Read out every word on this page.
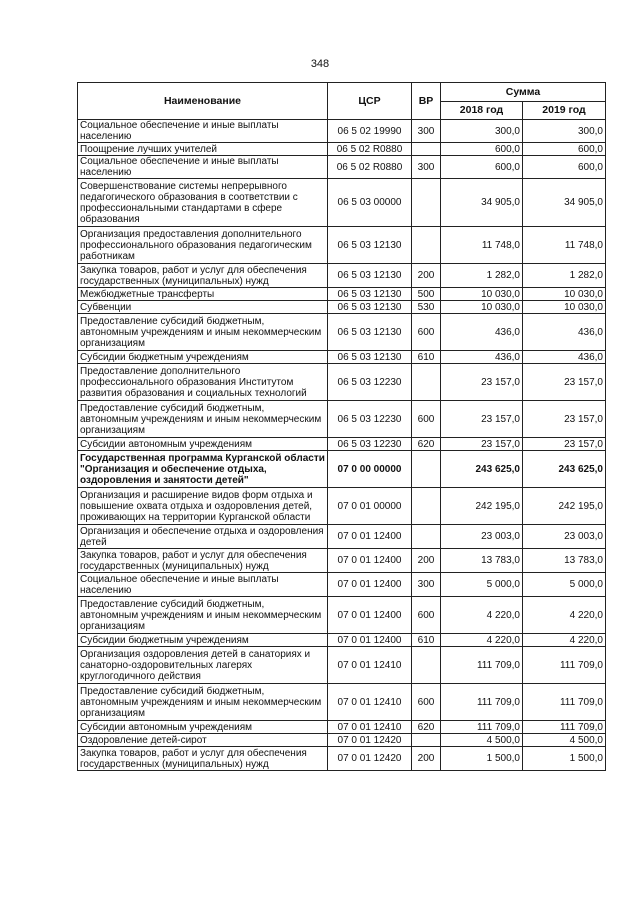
348
Наименование	ЦСР	ВР	Сумма	
			2018 год	2019 год
Социальное обеспечение и иные выплаты населению	06 5 02 19990	300	300,0	300,0
Поощрение лучших учителей	06 5 02 R0880		600,0	600,0
Социальное обеспечение и иные выплаты населению	06 5 02 R0880	300	600,0	600,0
Совершенствование системы непрерывного педагогического образования в соответствии с профессиональными стандартами в сфере образования	06 5 03 00000		34 905,0	34 905,0
Организация предоставления дополнительного профессионального образования педагогическим работникам	06 5 03 12130		11 748,0	11 748,0
Закупка товаров, работ и услуг для обеспечения государственных (муниципальных) нужд	06 5 03 12130	200	1 282,0	1 282,0
Межбюджетные трансферты	06 5 03 12130	500	10 030,0	10 030,0
Субвенции	06 5 03 12130	530	10 030,0	10 030,0
Предоставление субсидий бюджетным, автономным учреждениям и иным некоммерческим организациям	06 5 03 12130	600	436,0	436,0
Субсидии бюджетным учреждениям	06 5 03 12130	610	436,0	436,0
Предоставление дополнительного профессионального образования Институтом развития образования и социальных технологий	06 5 03 12230		23 157,0	23 157,0
Предоставление субсидий бюджетным, автономным учреждениям и иным некоммерческим организациям	06 5 03 12230	600	23 157,0	23 157,0
Субсидии автономным учреждениям	06 5 03 12230	620	23 157,0	23 157,0
Государственная программа Курганской области "Организация и обеспечение отдыха, оздоровления и занятости детей"	07 0 00 00000		243 625,0	243 625,0
Организация и расширение видов форм отдыха и повышение охвата отдыха и оздоровления детей, проживающих на территории Курганской области	07 0 01 00000		242 195,0	242 195,0
Организация и обеспечение отдыха и оздоровления детей	07 0 01 12400		23 003,0	23 003,0
Закупка товаров, работ и услуг для обеспечения государственных (муниципальных) нужд	07 0 01 12400	200	13 783,0	13 783,0
Социальное обеспечение и иные выплаты населению	07 0 01 12400	300	5 000,0	5 000,0
Предоставление субсидий бюджетным, автономным учреждениям и иным некоммерческим организациям	07 0 01 12400	600	4 220,0	4 220,0
Субсидии бюджетным учреждениям	07 0 01 12400	610	4 220,0	4 220,0
Организация оздоровления детей в санаториях и санаторно-оздоровительных лагерях круглогодичного действия	07 0 01 12410		111 709,0	111 709,0
Предоставление субсидий бюджетным, автономным учреждениям и иным некоммерческим организациям	07 0 01 12410	600	111 709,0	111 709,0
Субсидии автономным учреждениям	07 0 01 12410	620	111 709,0	111 709,0
Оздоровление детей-сирот	07 0 01 12420		4 500,0	4 500,0
Закупка товаров, работ и услуг для обеспечения государственных (муниципальных) нужд	07 0 01 12420	200	1 500,0	1 500,0
